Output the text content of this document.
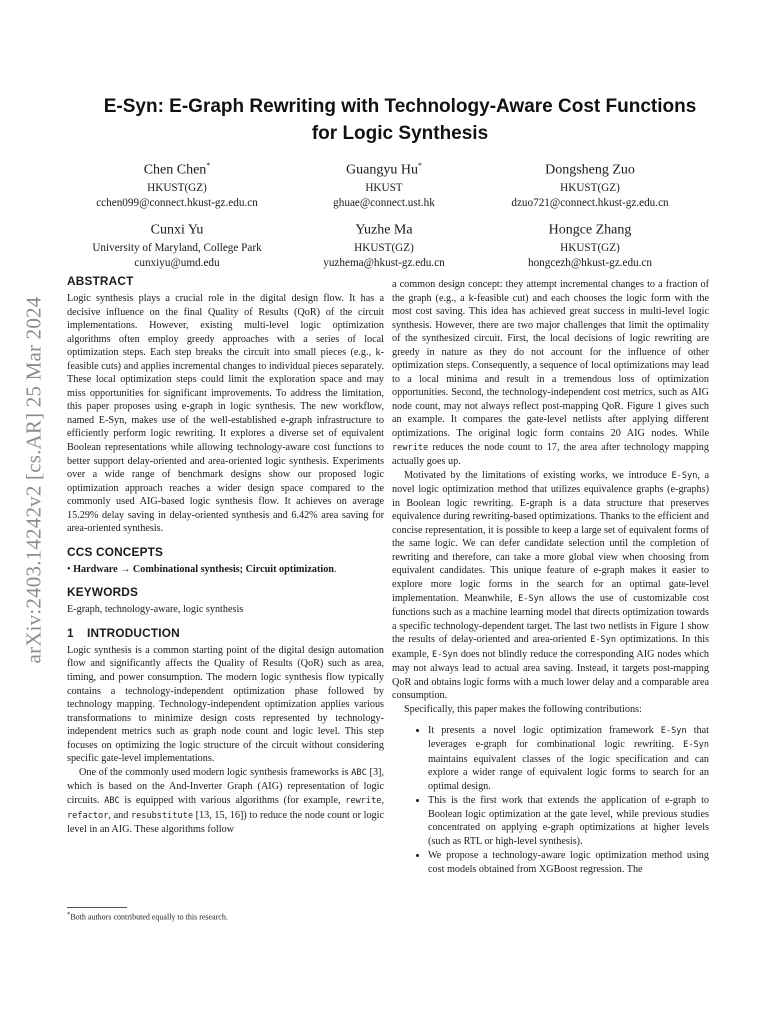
arXiv:2403.14242v2 [cs.AR] 25 Mar 2024
E-Syn: E-Graph Rewriting with Technology-Aware Cost Functions
for Logic Synthesis
Chen Chen*
HKUST(GZ)
cchen099@connect.hkust-gz.edu.cn
Guangyu Hu*
HKUST
ghuae@connect.ust.hk
Dongsheng Zuo
HKUST(GZ)
dzuo721@connect.hkust-gz.edu.cn
Cunxi Yu
University of Maryland, College Park
cunxiyu@umd.edu
Yuzhe Ma
HKUST(GZ)
yuzhema@hkust-gz.edu.cn
Hongce Zhang
HKUST(GZ)
hongcezh@hkust-gz.edu.cn
ABSTRACT

Logic synthesis plays a crucial role in the digital design flow. It has a decisive influence on the final Quality of Results (QoR) of the circuit implementations. However, existing multi-level logic optimization algorithms often employ greedy approaches with a series of local optimization steps. Each step breaks the circuit into small pieces (e.g., k-feasible cuts) and applies incremental changes to individual pieces separately. These local optimization steps could limit the exploration space and may miss opportunities for significant improvements. To address the limitation, this paper proposes using e-graph in logic synthesis. The new workflow, named E-Syn, makes use of the well-established e-graph infrastructure to efficiently perform logic rewriting. It explores a diverse set of equivalent Boolean representations while allowing technology-aware cost functions to better support delay-oriented and area-oriented logic synthesis. Experiments over a wide range of benchmark designs show our proposed logic optimization approach reaches a wider design space compared to the commonly used AIG-based logic synthesis flow. It achieves on average 15.29% delay saving in delay-oriented synthesis and 6.42% area saving for area-oriented synthesis.

CCS CONCEPTS

• Hardware → Combinational synthesis; Circuit optimization.

KEYWORDS

E-graph, technology-aware, logic synthesis

1 INTRODUCTION

Logic synthesis is a common starting point of the digital design automation flow and significantly affects the Quality of Results (QoR) such as area, timing, and power consumption. The modern logic synthesis flow typically contains a technology-independent optimization phase followed by technology mapping. Technology-independent optimization applies various transformations to minimize design costs represented by technology-independent metrics such as graph node count and logic level. This step focuses on optimizing the logic structure of the circuit without considering specific gate-level implementations.

One of the commonly used modern logic synthesis frameworks is ABC [3], which is based on the And-Inverter Graph (AIG) representation of logic circuits. ABC is equipped with various algorithms (for example, rewrite, refactor, and resubstitute [13, 15, 16]) to reduce the node count or logic level in an AIG. These algorithms follow

a common design concept: they attempt incremental changes to a fraction of the graph (e.g., a k-feasible cut) and each chooses the logic form with the most cost saving. This idea has achieved great success in multi-level logic synthesis. However, there are two major challenges that limit the optimality of the synthesized circuit. First, the local decisions of logic rewriting are greedy in nature as they do not account for the influence of other optimization steps. Consequently, a sequence of local optimizations may lead to a local minima and result in a tremendous loss of optimization opportunities. Second, the technology-independent cost metrics, such as AIG node count, may not always reflect post-mapping QoR. Figure 1 gives such an example. It compares the gate-level netlists after applying different optimizations. The original logic form contains 20 AIG nodes. While rewrite reduces the node count to 17, the area after technology mapping actually goes up.

Motivated by the limitations of existing works, we introduce E-Syn, a novel logic optimization method that utilizes equivalence graphs (e-graphs) in Boolean logic rewriting. E-graph is a data structure that preserves equivalence during rewriting-based optimizations. Thanks to the efficient and concise representation, it is possible to keep a large set of equivalent forms of the same logic. We can defer candidate selection until the completion of rewriting and therefore, can take a more global view when choosing from equivalent candidates. This unique feature of e-graph makes it easier to explore more logic forms in the search for an optimal gate-level implementation. Meanwhile, E-Syn allows the use of customizable cost functions such as a machine learning model that directs optimization towards a specific technology-dependent target. The last two netlists in Figure 1 show the results of delay-oriented and area-oriented E-Syn optimizations. In this example, E-Syn does not blindly reduce the corresponding AIG nodes which may not always lead to actual area saving. Instead, it targets post-mapping QoR and obtains logic forms with a much lower delay and a comparable area consumption.

Specifically, this paper makes the following contributions:

• It presents a novel logic optimization framework E-Syn that leverages e-graph for combinational logic rewriting. E-Syn maintains equivalent classes of the logic specification and can explore a wider range of equivalent logic forms to search for an optimal design.
• This is the first work that extends the application of e-graph to Boolean logic optimization at the gate level, while previous studies concentrated on applying e-graph optimizations at higher levels (such as RTL or high-level synthesis).
• We propose a technology-aware logic optimization method using cost models obtained from XGBoost regression. The
*Both authors contributed equally to this research.
